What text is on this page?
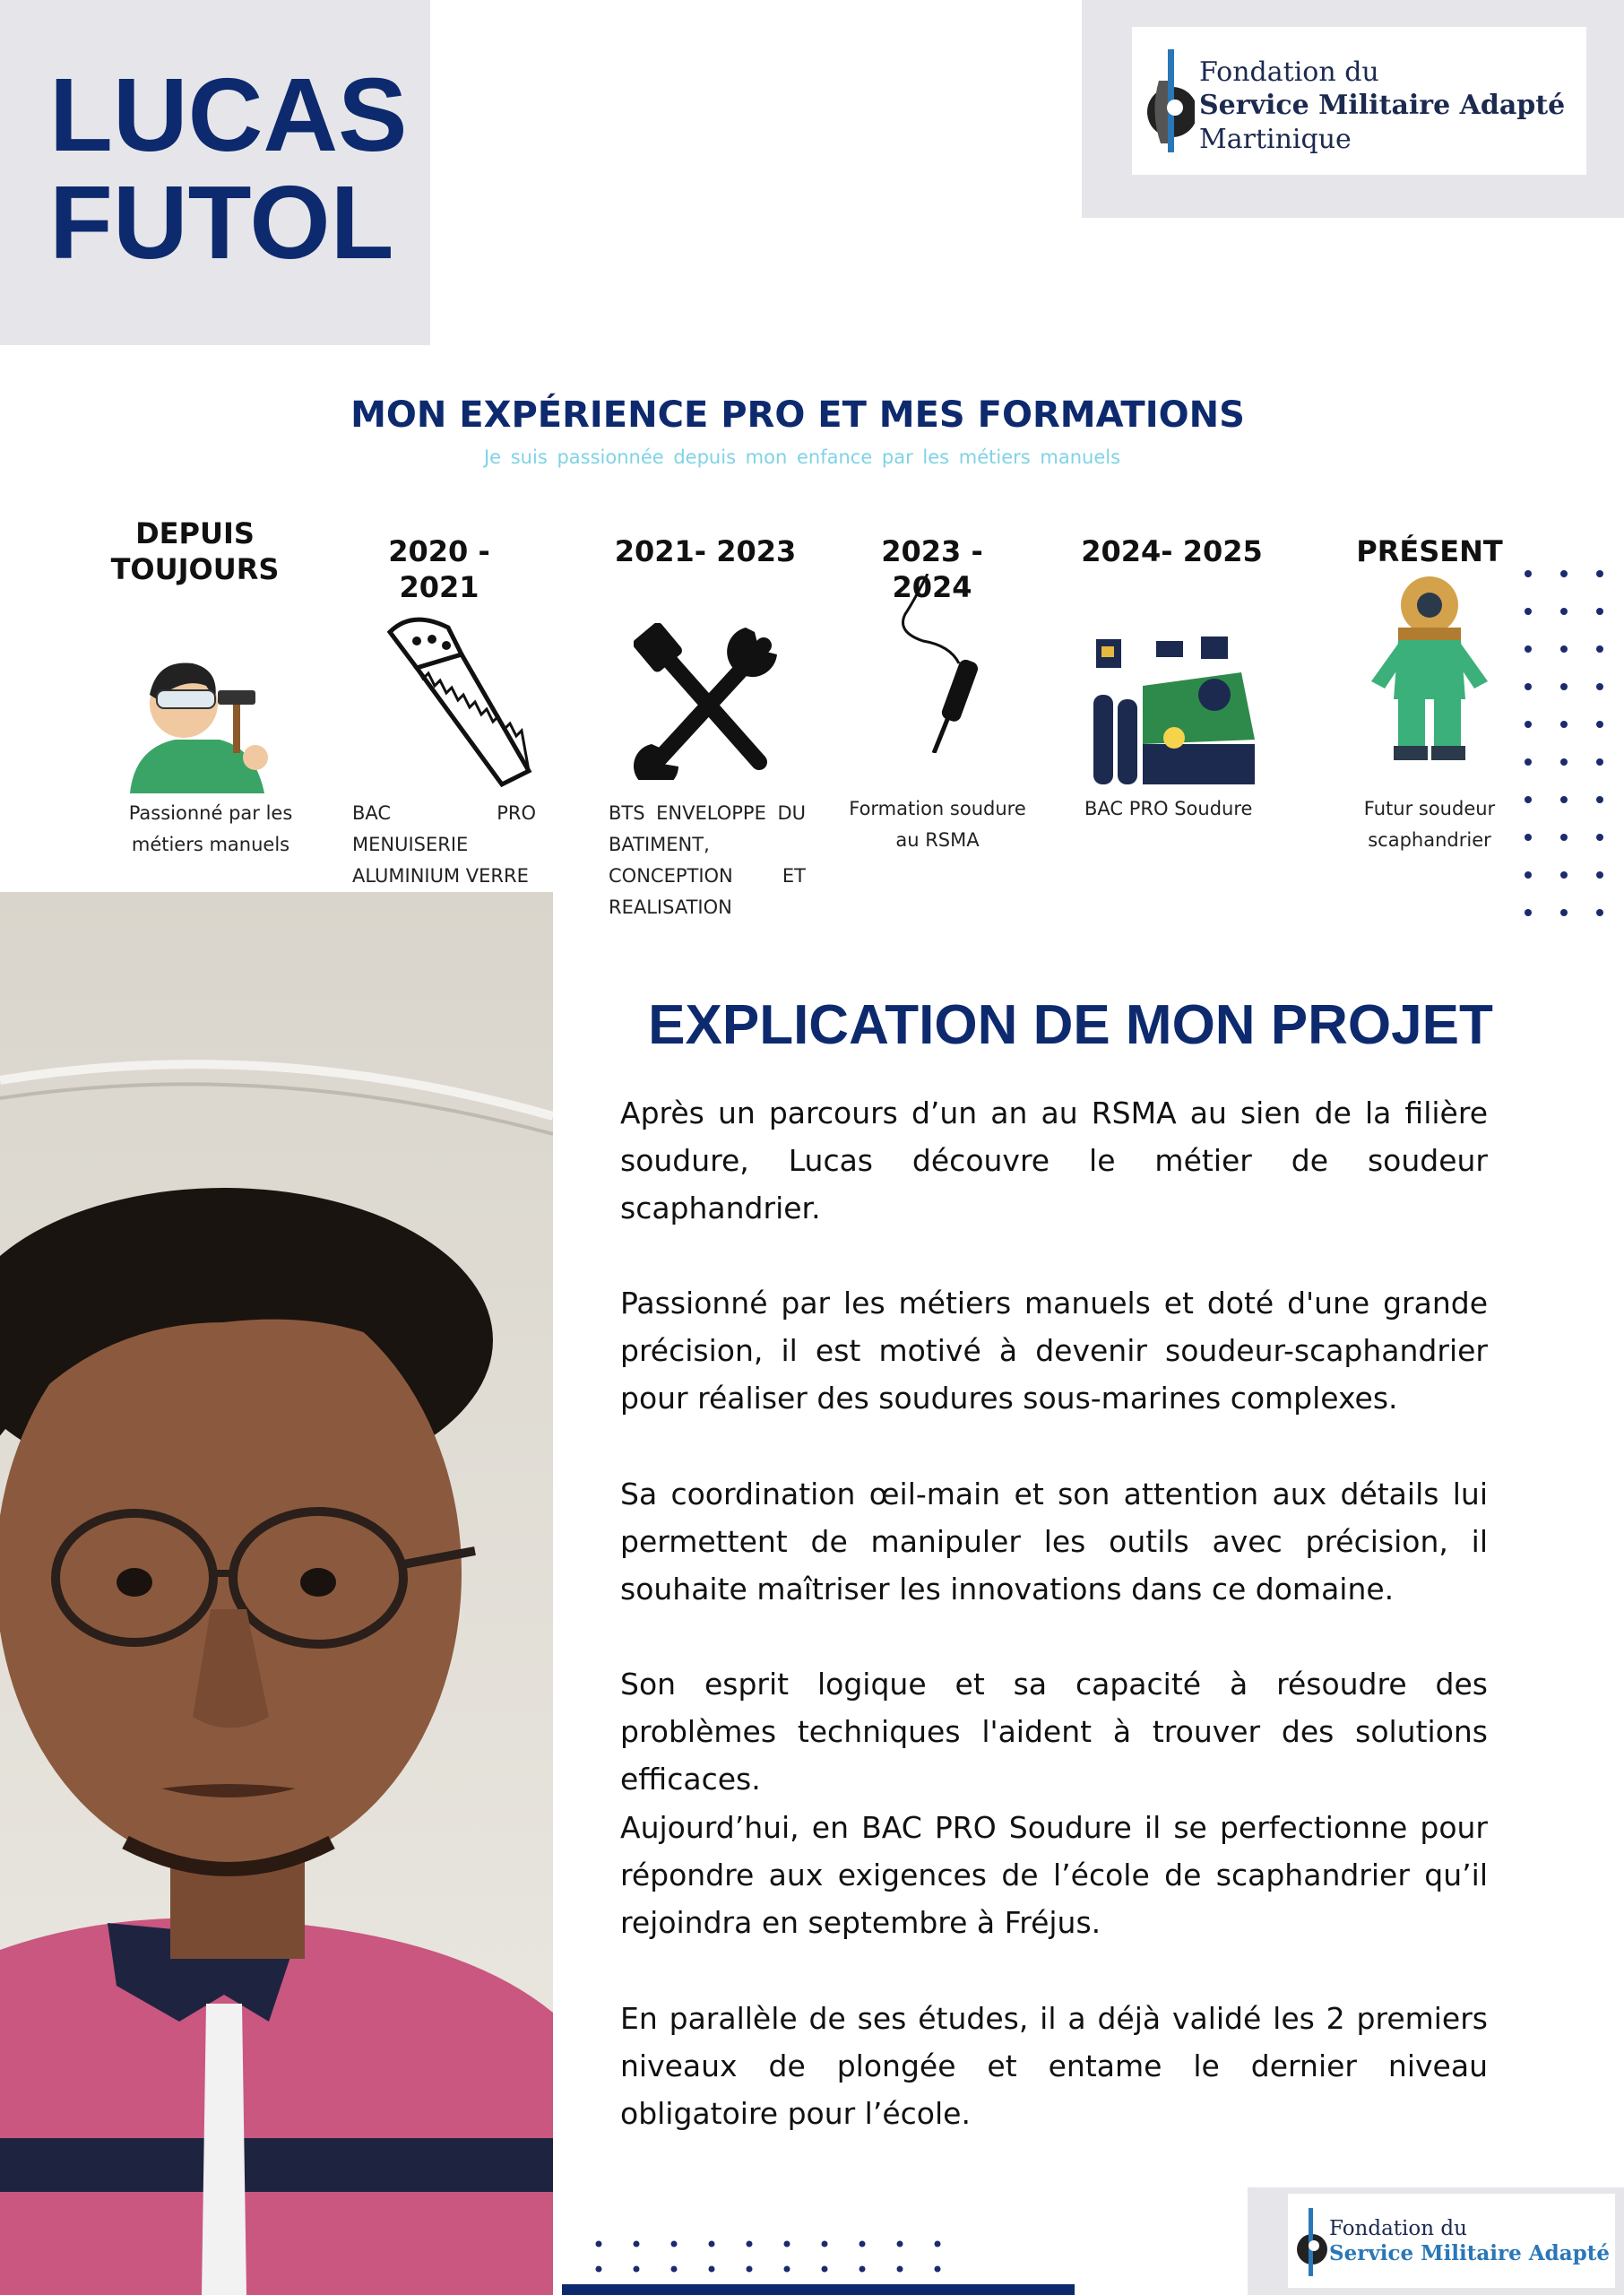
LUCAS
FUTOL
Fondation du
Service Militaire Adapté
Martinique
MON EXPÉRIENCE PRO ET MES FORMATIONS
Je suis passionnée depuis mon enfance par les métiers manuels
DEPUIS
TOUJOURS
Passionné par les métiers manuels
2020 - 2021
BAC PRO MENUISERIE ALUMINIUM VERRE
2021- 2023
BTS ENVELOPPE DU BATIMENT, CONCEPTION ET REALISATION
2023 - 2024
Formation soudure au RSMA
2024- 2025
BAC PRO Soudure
PRÉSENT
Futur soudeur scaphandrier
EXPLICATION DE MON PROJET

Après un parcours d’un an au RSMA au sien de la filière soudure, Lucas découvre le métier de soudeur scaphandrier.

Passionné par les métiers manuels et doté d'une grande précision, il est motivé à devenir soudeur-scaphandrier pour réaliser des soudures sous-marines complexes.

Sa coordination œil-main et son attention aux détails lui permettent de manipuler les outils avec précision, il souhaite maîtriser les innovations dans ce domaine.

Son esprit logique et sa capacité à résoudre des problèmes techniques l'aident à trouver des solutions efficaces.

Aujourd’hui, en BAC PRO Soudure il se perfectionne pour répondre aux exigences de l’école de scaphandrier qu’il rejoindra en septembre à Fréjus.

En parallèle de ses études, il a déjà validé les 2 premiers niveaux de plongée et entame le dernier niveau obligatoire pour l’école.

Fondation du
Service Militaire Adapté
